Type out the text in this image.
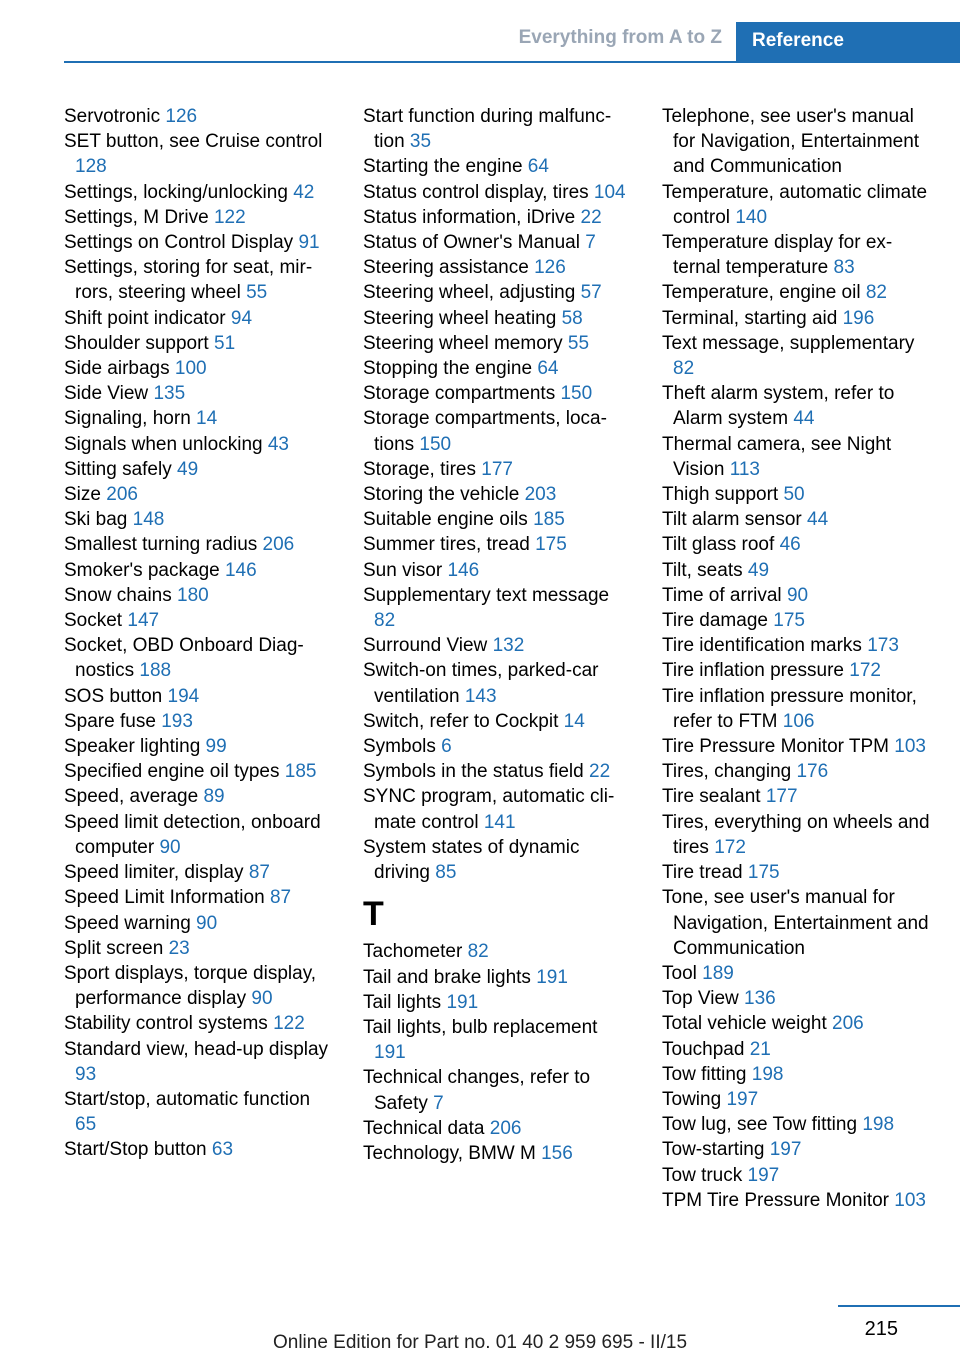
Everything from A to Z	Reference

Servotronic 126

SET button, see Cruise control 128

Settings, locking/unlocking 42

Settings, M Drive 122

Settings on Control Display 91

Settings, storing for seat, mirrors, steering wheel 55

Shift point indicator 94

Shoulder support 51

Side airbags 100

Side View 135

Signaling, horn 14

Signals when unlocking 43

Sitting safely 49

Size 206

Ski bag 148

Smallest turning radius 206

Smoker's package 146

Snow chains 180

Socket 147

Socket, OBD Onboard Diagnostics 188

SOS button 194

Spare fuse 193

Speaker lighting 99

Specified engine oil types 185

Speed, average 89

Speed limit detection, onboard computer 90

Speed limiter, display 87

Speed Limit Information 87

Speed warning 90

Split screen 23

Sport displays, torque display, performance display 90

Stability control systems 122

Standard view, head-up display 93

Start/stop, automatic function 65

Start/Stop button 63

Start function during malfunction 35

Starting the engine 64

Status control display, tires 104

Status information, iDrive 22

Status of Owner's Manual 7

Steering assistance 126

Steering wheel, adjusting 57

Steering wheel heating 58

Steering wheel memory 55

Stopping the engine 64

Storage compartments 150

Storage compartments, locations 150

Storage, tires 177

Storing the vehicle 203

Suitable engine oils 185

Summer tires, tread 175

Sun visor 146

Supplementary text message 82

Surround View 132

Switch-on times, parked-car ventilation 143

Switch, refer to Cockpit 14

Symbols 6

Symbols in the status field 22

SYNC program, automatic climate control 141

System states of dynamic driving 85

T

Tachometer 82

Tail and brake lights 191

Tail lights 191

Tail lights, bulb replacement 191

Technical changes, refer to Safety 7

Technical data 206

Technology, BMW M 156

Telephone, see user's manual for Navigation, Entertainment and Communication

Temperature, automatic climate control 140

Temperature display for external temperature 83

Temperature, engine oil 82

Terminal, starting aid 196

Text message, supplementary 82

Theft alarm system, refer to Alarm system 44

Thermal camera, see Night Vision 113

Thigh support 50

Tilt alarm sensor 44

Tilt glass roof 46

Tilt, seats 49

Time of arrival 90

Tire damage 175

Tire identification marks 173

Tire inflation pressure 172

Tire inflation pressure monitor, refer to FTM 106

Tire Pressure Monitor TPM 103

Tires, changing 176

Tire sealant 177

Tires, everything on wheels and tires 172

Tire tread 175

Tone, see user's manual for Navigation, Entertainment and Communication

Tool 189

Top View 136

Total vehicle weight 206

Touchpad 21

Tow fitting 198

Towing 197

Tow lug, see Tow fitting 198

Tow-starting 197

Tow truck 197

TPM Tire Pressure Monitor 103

215
Online Edition for Part no. 01 40 2 959 695 - II/15
